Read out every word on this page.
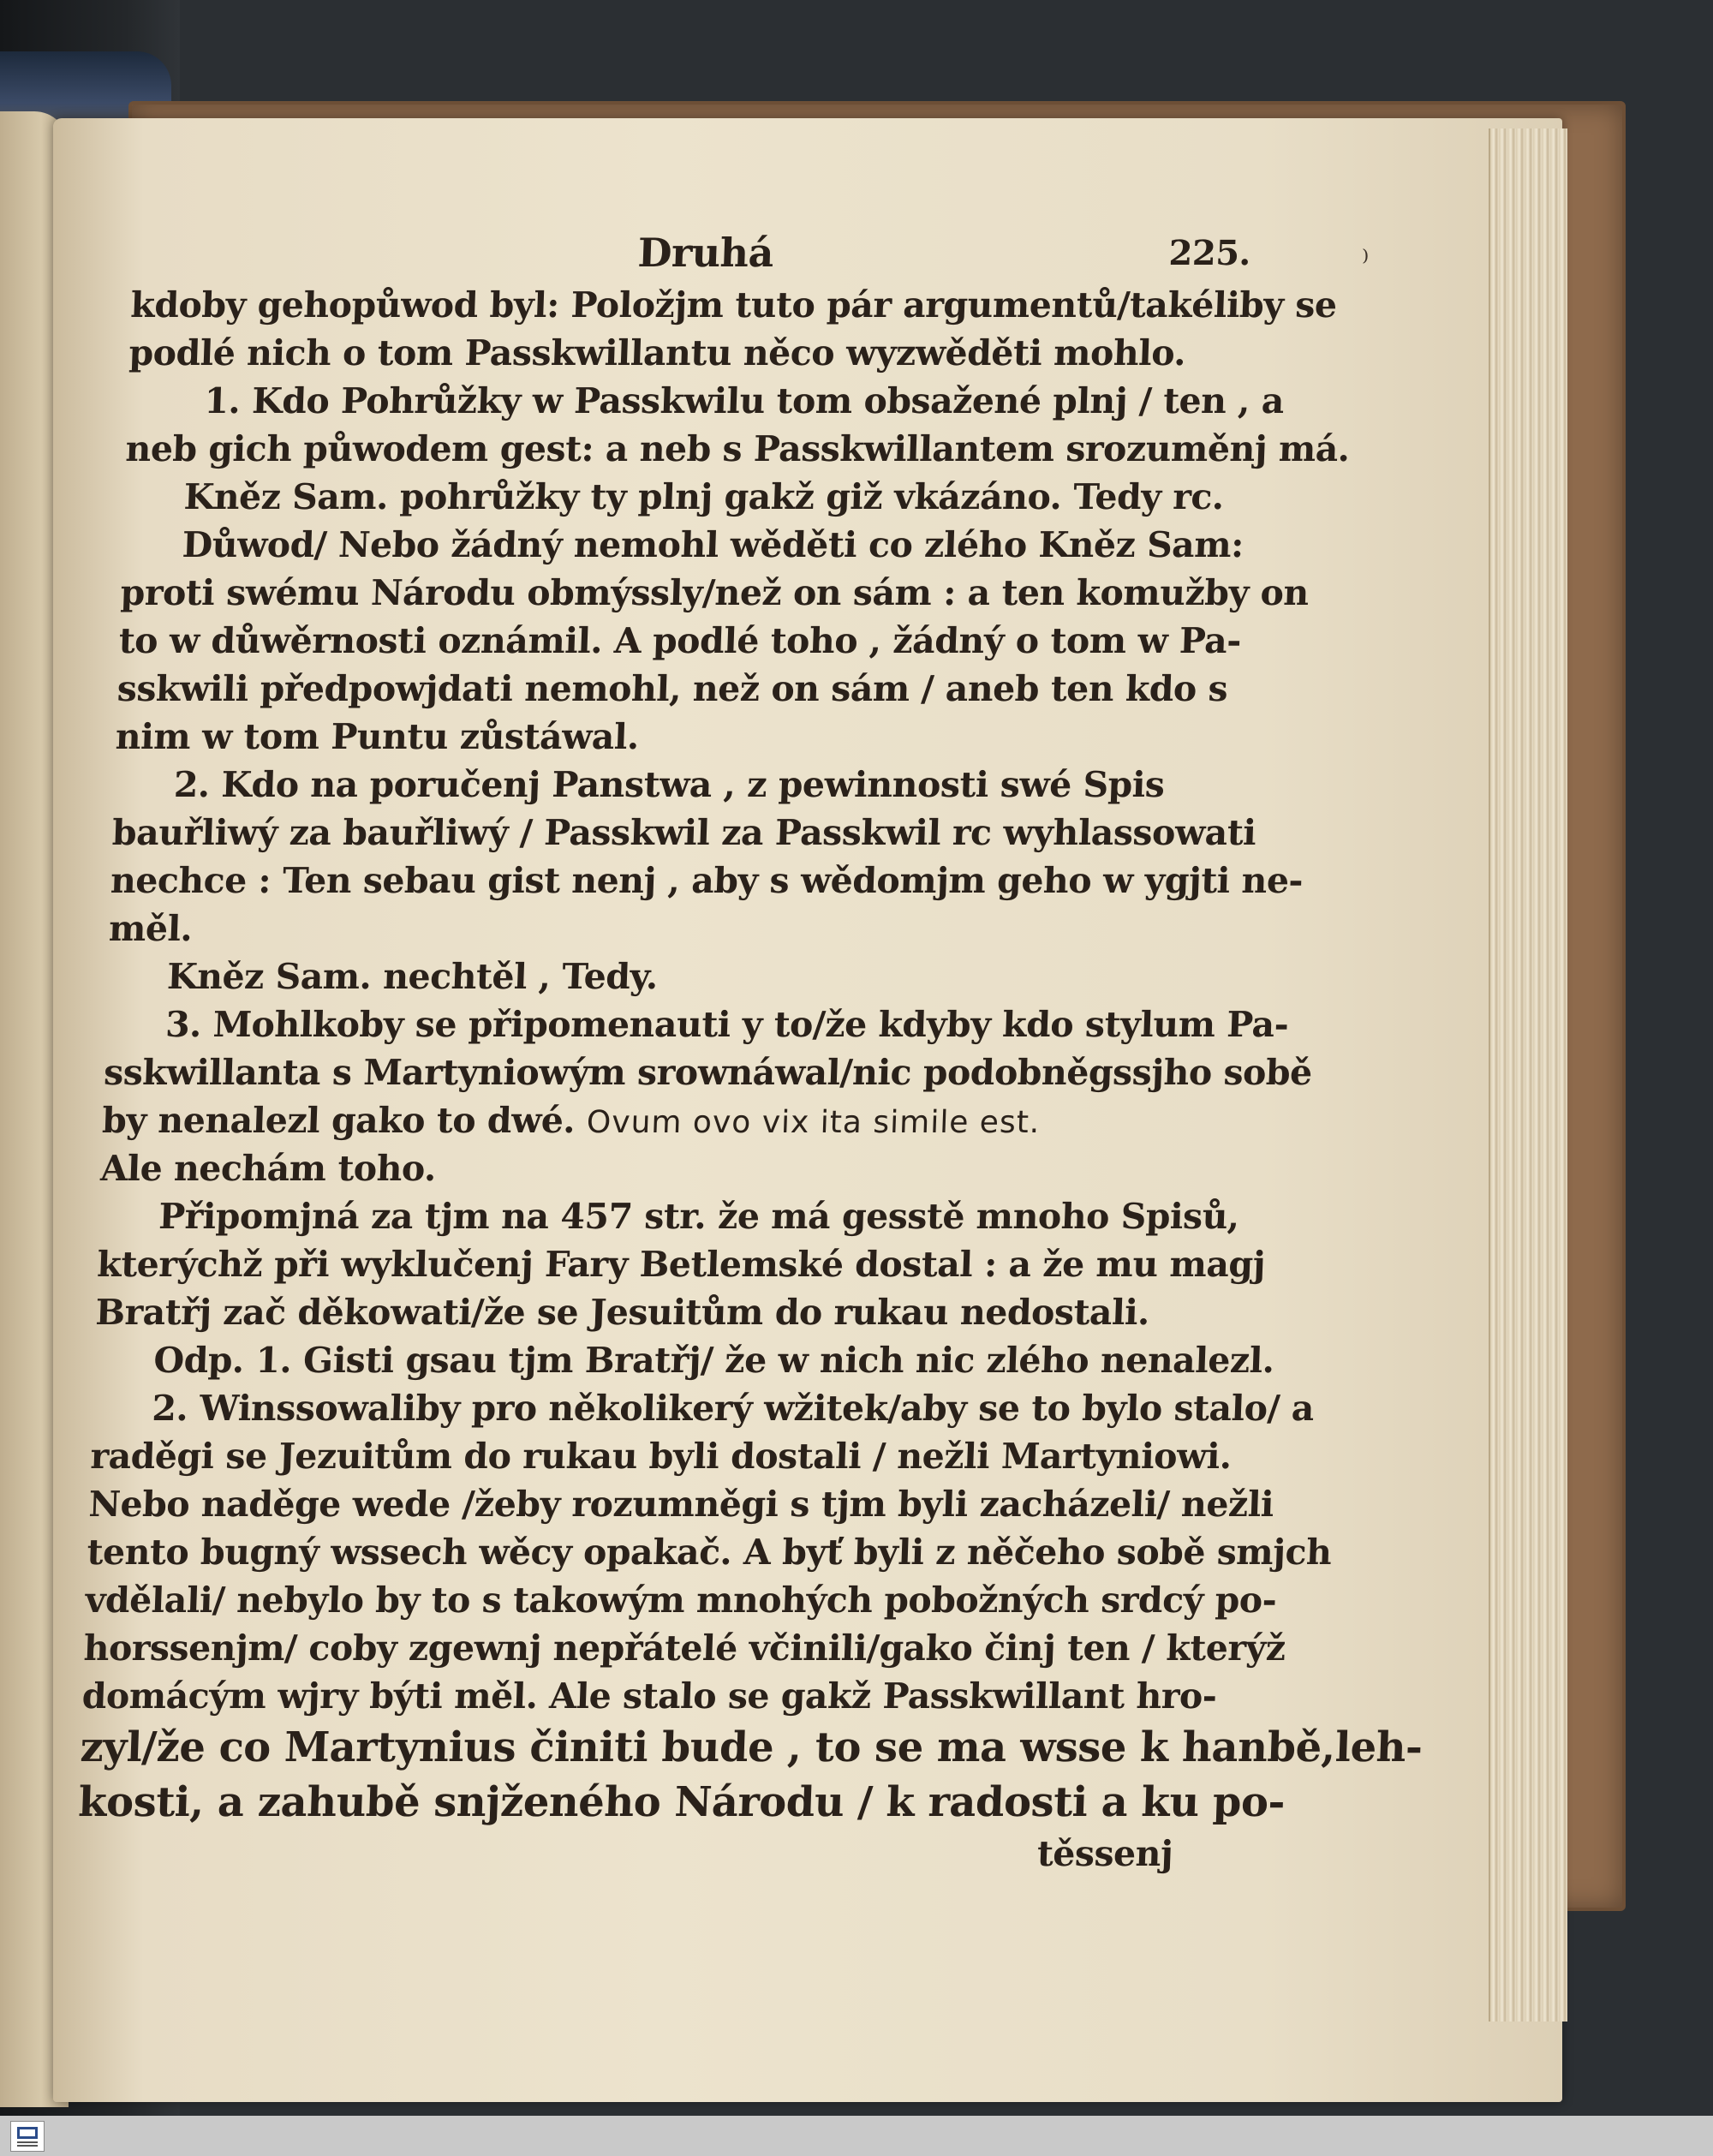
⁾
Druhá	225.
kdoby gehopůwod byl: Položjm tuto pár argumentů/takéliby se
podlé nich o tom Passkwillantu něco wyzwěděti mohlo.
1. Kdo Pohrůžky w Passkwilu tom obsažené plnj / ten , a
neb gich půwodem gest: a neb s Passkwillantem srozuměnj má.
Kněz Sam. pohrůžky ty plnj gakž giž vkázáno. Tedy rc.
Důwod/ Nebo žádný nemohl wěděti co zlého Kněz Sam:
proti swému Národu obmýssly/než on sám : a ten komužby on
to w důwěrnosti oznámil. A podlé toho , žádný o tom w Pa-
sskwili předpowjdati nemohl, než on sám / aneb ten kdo s
nim w tom Puntu zůstáwal.
2. Kdo na poručenj Panstwa , z pewinnosti swé Spis
bauřliwý za bauřliwý / Passkwil za Passkwil rc wyhlassowati
nechce : Ten sebau gist nenj , aby s wědomjm geho w ygjti ne-
měl.
Kněz Sam. nechtěl , Tedy.
3. Mohlkoby se připomenauti y to/že kdyby kdo stylum Pa-
sskwillanta s Martyniowým srownáwal/nic podobněgssjho sobě
by nenalezl gako to dwé. Ovum ovo vix ita simile est.
Ale nechám toho.
Připomjná za tjm na 457 str. že má gesstě mnoho Spisů,
kterýchž při wyklučenj Fary Betlemské dostal : a že mu magj
Bratřj zač děkowati/že se Jesuitům do rukau nedostali.
Odp. 1. Gisti gsau tjm Bratřj/ že w nich nic zlého nenalezl.
2. Winssowaliby pro několikerý wžitek/aby se to bylo stalo/ a
raděgi se Jezuitům do rukau byli dostali / nežli Martyniowi.
Nebo naděge wede /žeby rozumněgi s tjm byli zacházeli/ nežli
tento bugný wssech wěcy opakač. A byť byli z něčeho sobě smjch
vdělali/ nebylo by to s takowým mnohých pobožných srdcý po-
horssenjm/ coby zgewnj nepřátelé včinili/gako činj ten / kterýž
domácým wjry býti měl. Ale stalo se gakž Passkwillant hro-
zyl/že co Martynius činiti bude , to se ma wsse k hanbě,leh-
kosti, a zahubě snjženého Národu / k radosti a ku po-
těssenj
